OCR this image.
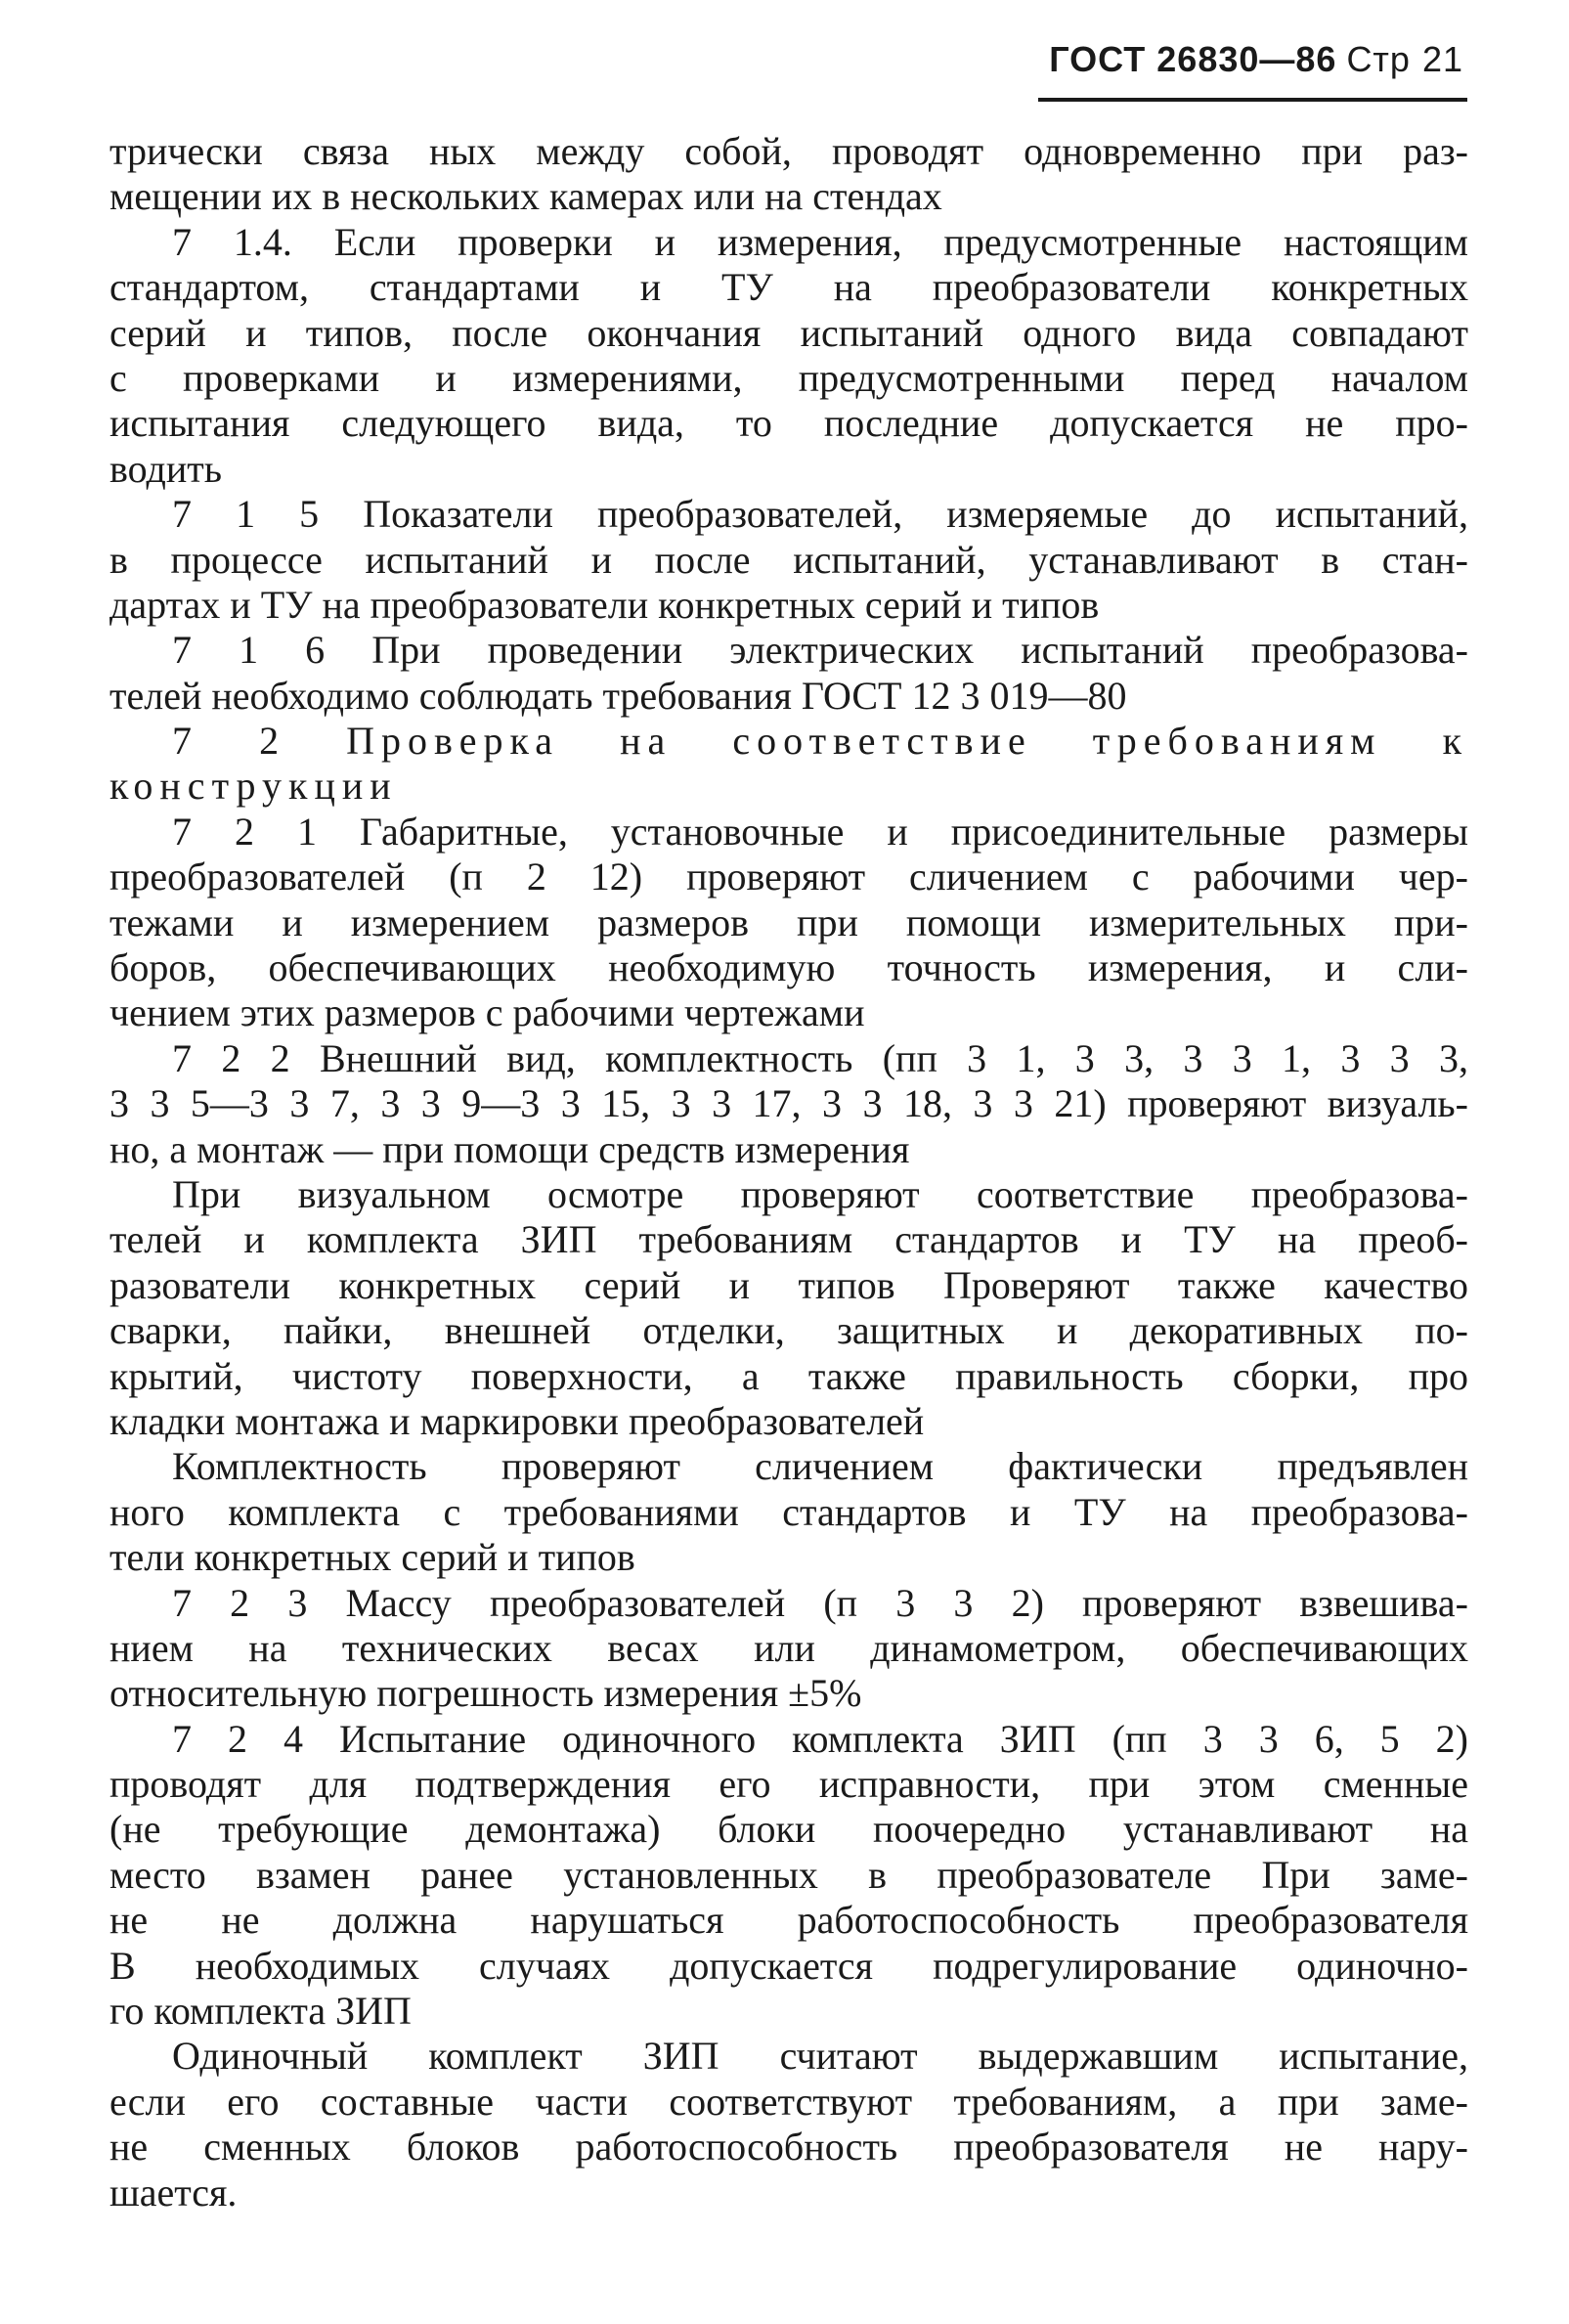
ГОСТ 26830—86 Стр 21
трически связа ных между собой, проводят одновременно при раз-
мещении их в нескольких камерах или на стендах
7 1.4. Если проверки и измерения, предусмотренные настоящим
стандартом, стандартами и ТУ на преобразователи конкретных
серий и типов, после окончания испытаний одного вида совпадают
с проверками и измерениями, предусмотренными перед началом
испытания следующего вида, то последние допускается не про-
водить
7 1 5 Показатели преобразователей, измеряемые до испытаний,
в процессе испытаний и после испытаний, устанавливают в стан-
дартах и ТУ на преобразователи конкретных серий и типов
7 1 6 При проведении электрических испытаний преобразова-
телей необходимо соблюдать требования ГОСТ 12 3 019—80
7 2 Проверка на соответствие требованиям к
конструкции
7 2 1 Габаритные, установочные и присоединительные размеры
преобразователей (п 2 12) проверяют сличением с рабочими чер-
тежами и измерением размеров при помощи измерительных при-
боров, обеспечивающих необходимую точность измерения, и сли-
чением этих размеров с рабочими чертежами
7 2 2 Внешний вид, комплектность (пп 3 1, 3 3, 3 3 1, 3 3 3,
3 3 5—3 3 7, 3 3 9—3 3 15, 3 3 17, 3 3 18, 3 3 21) проверяют визуаль-
но, а монтаж — при помощи средств измерения
При визуальном осмотре проверяют соответствие преобразова-
телей и комплекта ЗИП требованиям стандартов и ТУ на преоб-
разователи конкретных серий и типов Проверяют также качество
сварки, пайки, внешней отделки, защитных и декоративных по-
крытий, чистоту поверхности, а также правильность сборки, про
кладки монтажа и маркировки преобразователей
Комплектность проверяют сличением фактически предъявлен
ного комплекта с требованиями стандартов и ТУ на преобразова-
тели конкретных серий и типов
7 2 3 Массу преобразователей (п 3 3 2) проверяют взвешива-
нием на технических весах или динамометром, обеспечивающих
относительную погрешность измерения ±5%
7 2 4 Испытание одиночного комплекта ЗИП (пп 3 3 6, 5 2)
проводят для подтверждения его исправности, при этом сменные
(не требующие демонтажа) блоки поочередно устанавливают на
место взамен ранее установленных в преобразователе При заме-
не не должна нарушаться работоспособность преобразователя
В необходимых случаях допускается подрегулирование одиночно-
го комплекта ЗИП
Одиночный комплект ЗИП считают выдержавшим испытание,
если его составные части соответствуют требованиям, а при заме-
не сменных блоков работоспособность преобразователя не нару-
шается.
